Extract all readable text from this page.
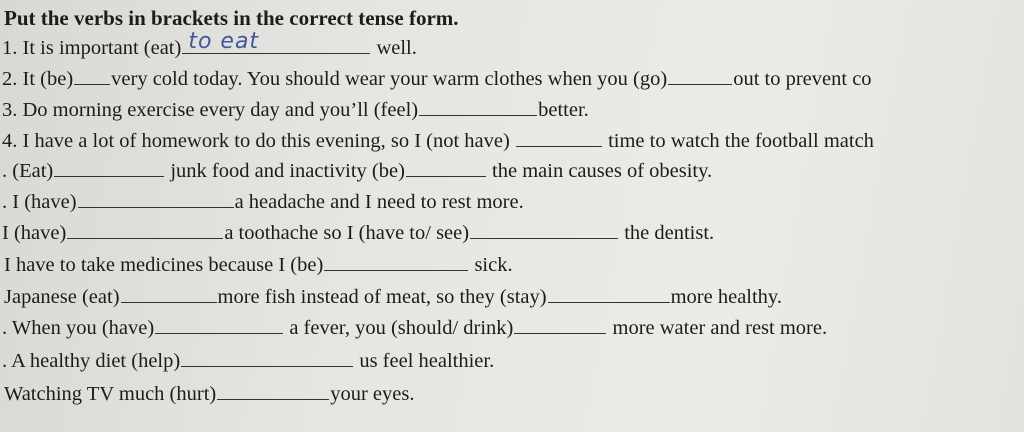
Put the verbs in brackets in the correct tense form.
1. It is important (eat) to eat	well.
2. It (be) very cold today. You should wear your warm clothes when you (go)	out to prevent co
3. Do morning exercise every day and you’ll (feel)	better.
4. I have a lot of homework to do this evening, so I (not have)	time to watch the football match
. (Eat)	junk food and inactivity (be)	the main causes of obesity.
. I (have)	a headache and I need to rest more.
I (have)	a toothache so I (have to/ see)	the dentist.
I have to take medicines because I (be)	sick.
Japanese (eat)	more fish instead of meat, so they (stay)	more healthy.
. When you (have)	a fever, you (should/ drink)	more water and rest more.
. A healthy diet (help)	us feel healthier.
Watching TV much (hurt)	your eyes.
